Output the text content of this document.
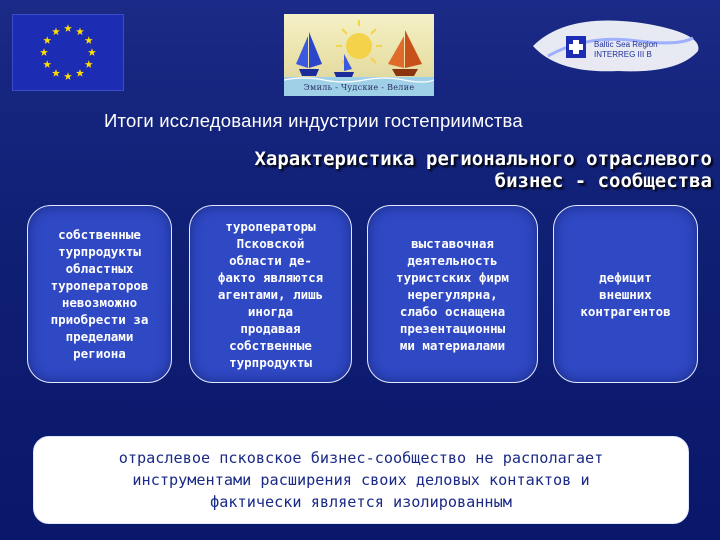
Эмиль - Чудские - Велие
Baltic Sea Region
INTERREG III B
Итоги исследования индустрии гостеприимства
Характеристика регионального отраслевого
бизнес - сообщества
собственные
турпродукты
областных
туроператоров
невозможно
приобрести за
пределами
региона
туроператоры
Псковской
области де-
факто являются
агентами, лишь
иногда
продавая
собственные
турпродукты
выставочная
деятельность
туристских фирм
нерегулярна,
слабо оснащена
презентационны
ми материалами
дефицит
внешних
контрагентов
отраслевое псковское бизнес-сообщество не располагает
инструментами расширения своих деловых контактов и
фактически является изолированным
